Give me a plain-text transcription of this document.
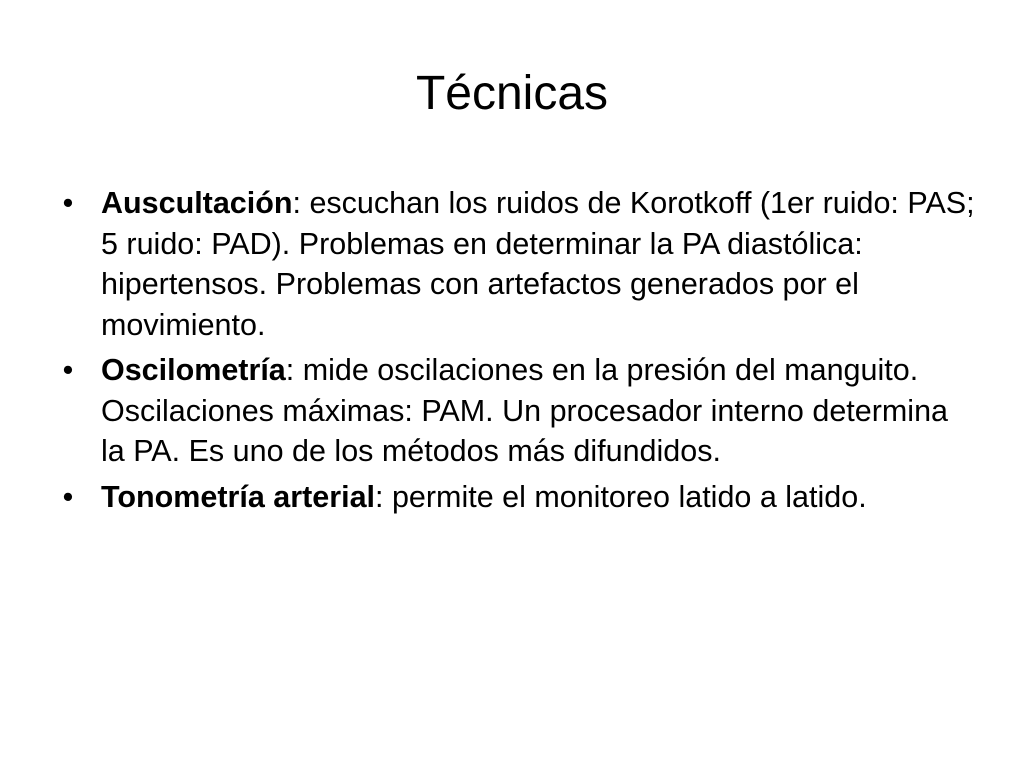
Técnicas
• Auscultación: escuchan los ruidos de Korotkoff (1er ruido: PAS; 5 ruido: PAD). Problemas en determinar la PA diastólica: hipertensos. Problemas con artefactos generados por el movimiento.
• Oscilometría: mide oscilaciones en la presión del manguito. Oscilaciones máximas: PAM. Un procesador interno determina la PA. Es uno de los métodos más difundidos.
• Tonometría arterial: permite el monitoreo latido a latido.
